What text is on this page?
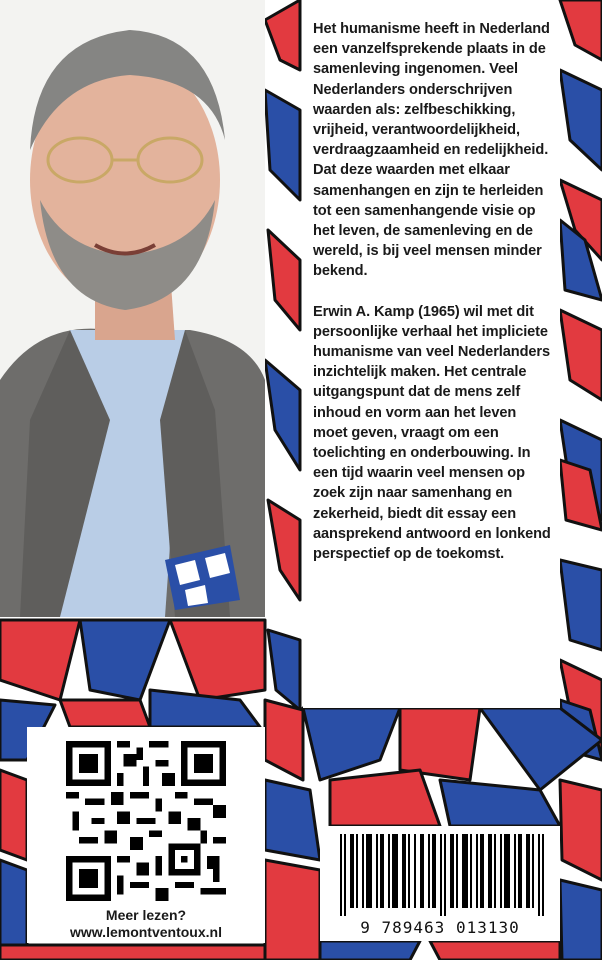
Het humanisme heeft in Nederland een vanzelfsprekende plaats in de samenleving ingenomen. Veel Nederlanders onderschrijven waarden als: zelfbeschikking, vrijheid, verantwoordelijkheid, verdraagzaamheid en redelijkheid. Dat deze waarden met elkaar samenhangen en zijn te herleiden tot een samenhangende visie op het leven, de samenleving en de wereld, is bij veel mensen minder bekend.

Erwin A. Kamp (1965) wil met dit persoonlijke verhaal het impliciete humanisme van veel Nederlanders inzichtelijk maken. Het centrale uitgangspunt dat de mens zelf inhoud en vorm aan het leven moet geven, vraagt om een toelichting en onderbouwing. In een tijd waarin veel mensen op zoek zijn naar samenhang en zekerheid, biedt dit essay een aansprekend antwoord en lonkend perspectief op de toekomst.

Meer lezen?
www.lemontventoux.nl	9 789463 013130
